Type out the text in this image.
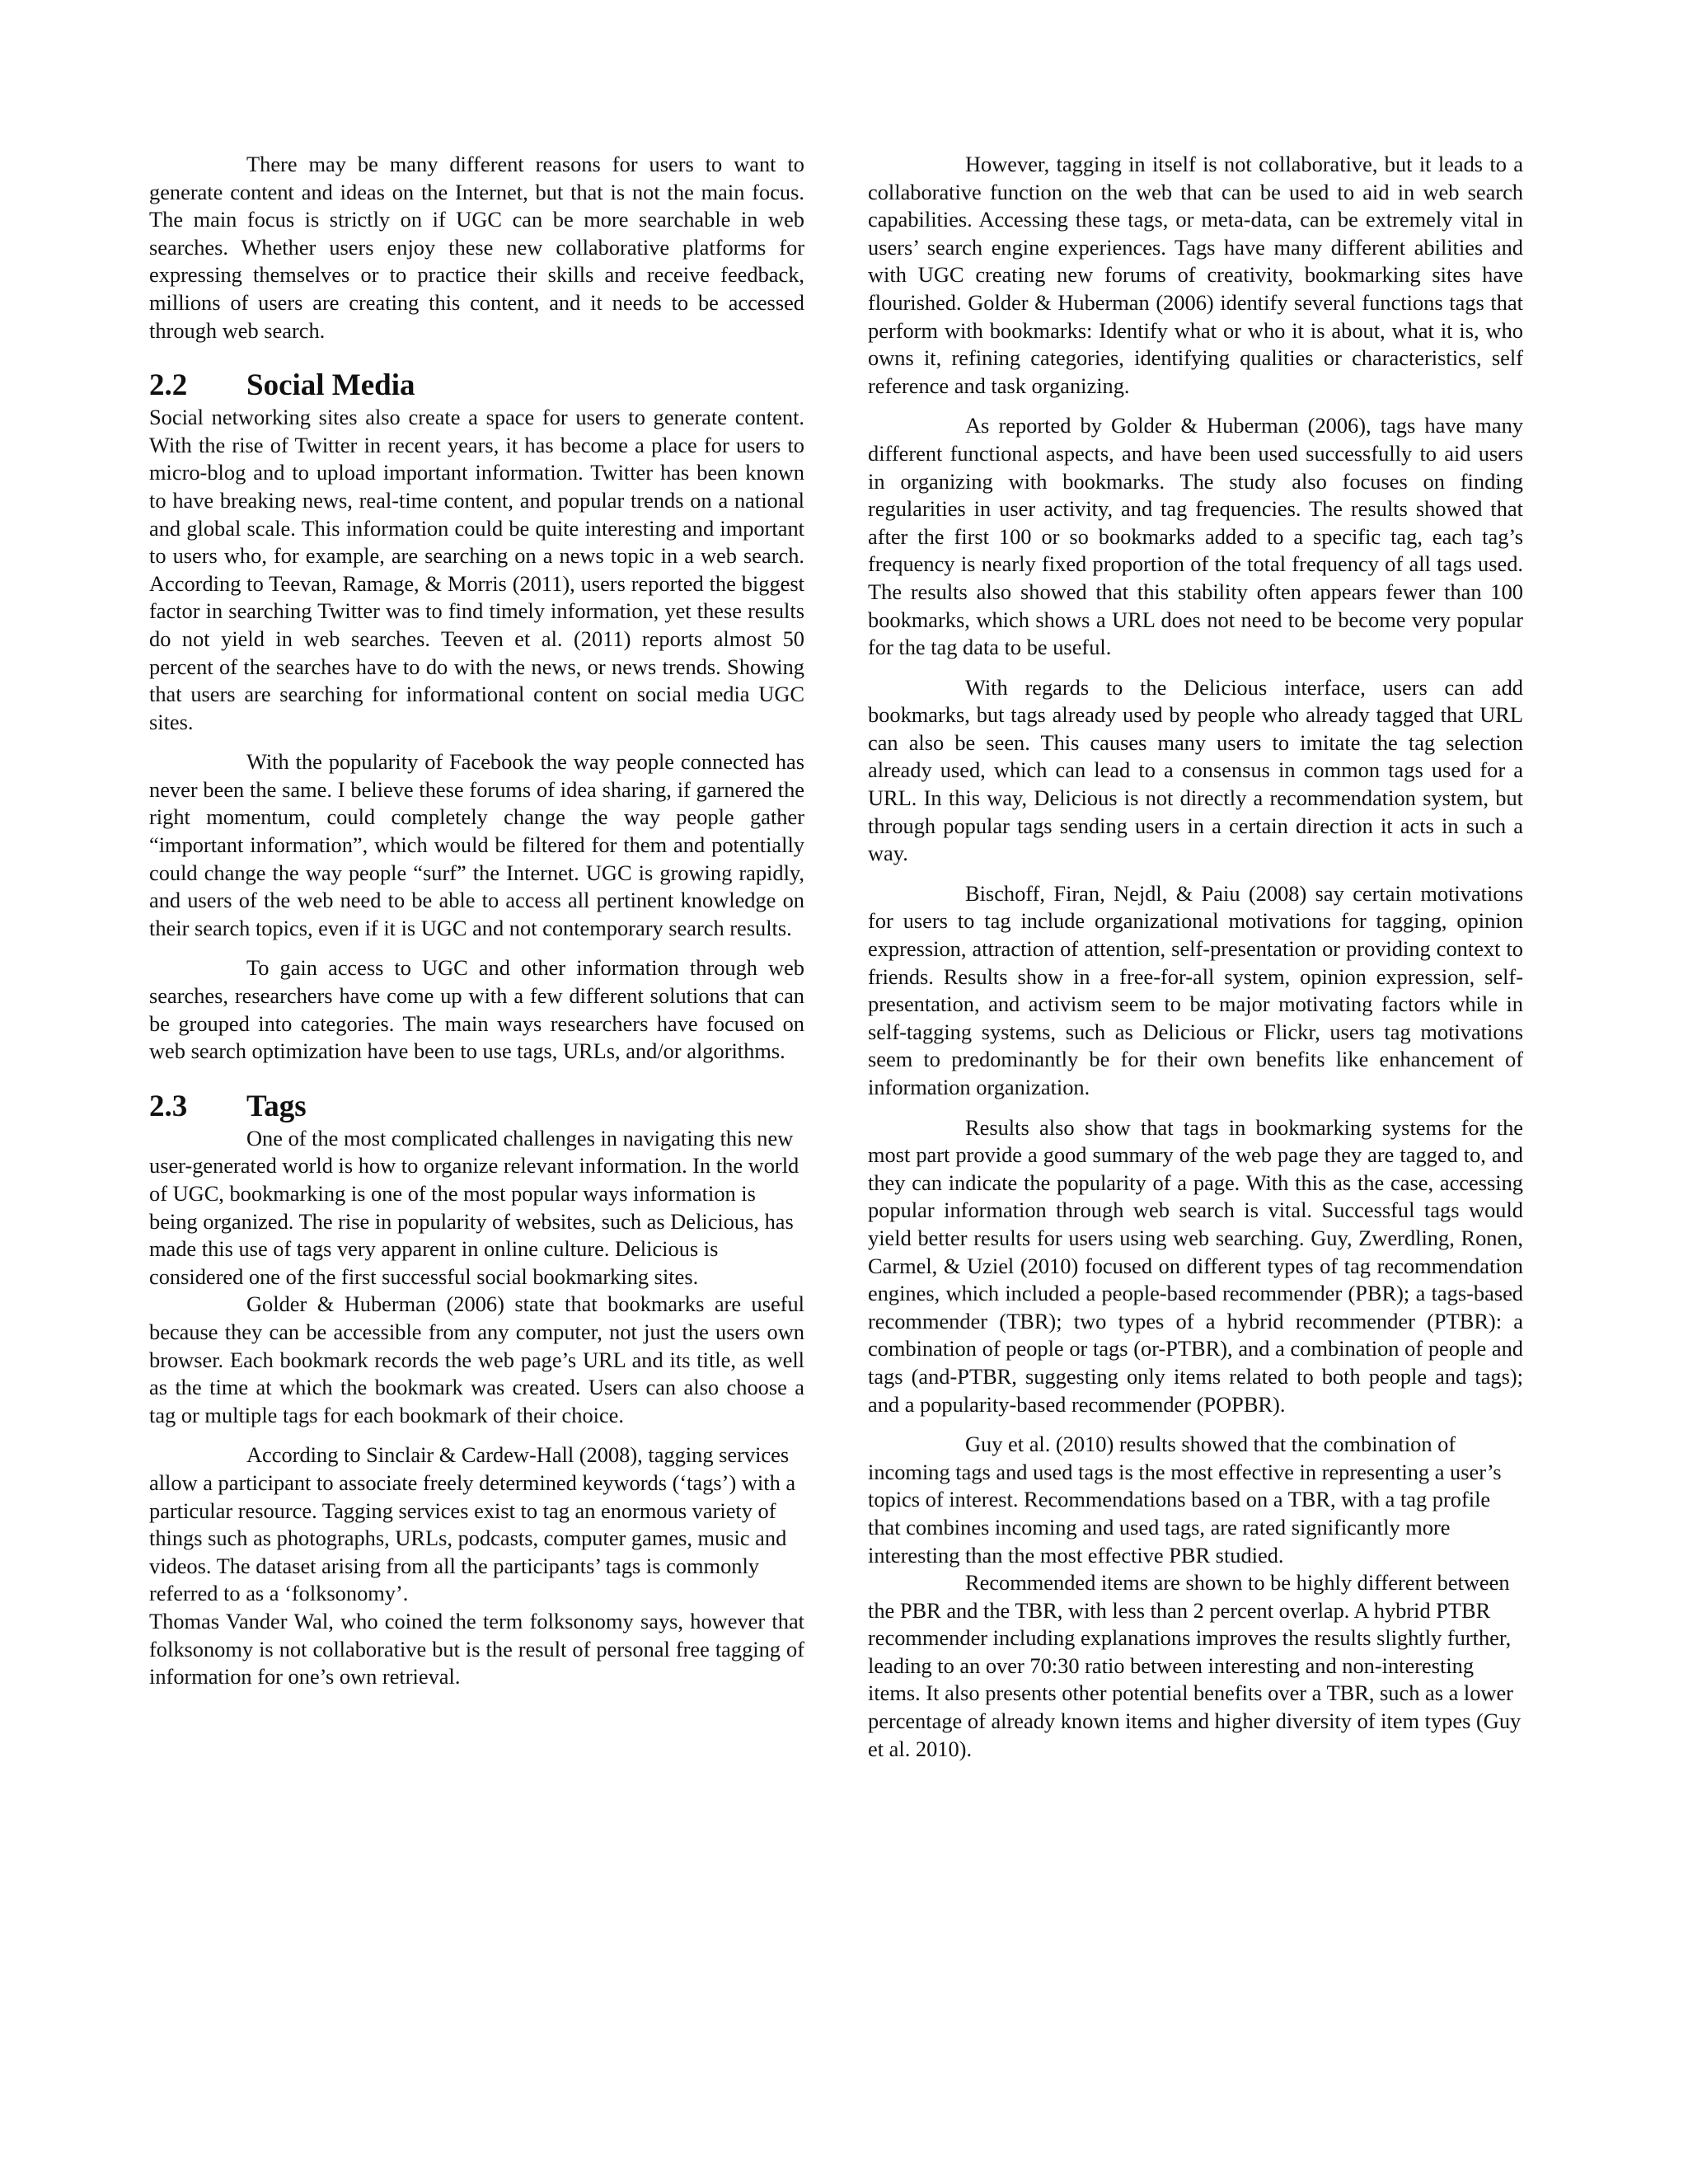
There may be many different reasons for users to want to generate content and ideas on the Internet, but that is not the main focus. The main focus is strictly on if UGC can be more searchable in web searches. Whether users enjoy these new collaborative platforms for expressing themselves or to practice their skills and receive feedback, millions of users are creating this content, and it needs to be accessed through web search.

2.2 Social Media

Social networking sites also create a space for users to generate content. With the rise of Twitter in recent years, it has become a place for users to micro-blog and to upload important information. Twitter has been known to have breaking news, real-time content, and popular trends on a national and global scale. This information could be quite interesting and important to users who, for example, are searching on a news topic in a web search. According to Teevan, Ramage, & Morris (2011), users reported the biggest factor in searching Twitter was to find timely information, yet these results do not yield in web searches. Teeven et al. (2011) reports almost 50 percent of the searches have to do with the news, or news trends. Showing that users are searching for informational content on social media UGC sites.

With the popularity of Facebook the way people connected has never been the same. I believe these forums of idea sharing, if garnered the right momentum, could completely change the way people gather “important information”, which would be filtered for them and potentially could change the way people “surf” the Internet. UGC is growing rapidly, and users of the web need to be able to access all pertinent knowledge on their search topics, even if it is UGC and not contemporary search results.

To gain access to UGC and other information through web searches, researchers have come up with a few different solutions that can be grouped into categories. The main ways researchers have focused on web search optimization have been to use tags, URLs, and/or algorithms.

2.3 Tags

One of the most complicated challenges in navigating this new user-generated world is how to organize relevant information. In the world of UGC, bookmarking is one of the most popular ways information is being organized. The rise in popularity of websites, such as Delicious, has made this use of tags very apparent in online culture. Delicious is considered one of the first successful social bookmarking sites.

Golder & Huberman (2006) state that bookmarks are useful because they can be accessible from any computer, not just the users own browser. Each bookmark records the web page’s URL and its title, as well as the time at which the bookmark was created. Users can also choose a tag or multiple tags for each bookmark of their choice.

According to Sinclair & Cardew-Hall (2008), tagging services allow a participant to associate freely determined keywords (‘tags’) with a particular resource. Tagging services exist to tag an enormous variety of things such as photographs, URLs, podcasts, computer games, music and videos. The dataset arising from all the participants’ tags is commonly referred to as a ‘folksonomy’.

Thomas Vander Wal, who coined the term folksonomy says, however that folksonomy is not collaborative but is the result of personal free tagging of information for one’s own retrieval.

However, tagging in itself is not collaborative, but it leads to a collaborative function on the web that can be used to aid in web search capabilities. Accessing these tags, or meta-data, can be extremely vital in users’ search engine experiences. Tags have many different abilities and with UGC creating new forums of creativity, bookmarking sites have flourished. Golder & Huberman (2006) identify several functions tags that perform with bookmarks: Identify what or who it is about, what it is, who owns it, refining categories, identifying qualities or characteristics, self reference and task organizing.

As reported by Golder & Huberman (2006), tags have many different functional aspects, and have been used successfully to aid users in organizing with bookmarks. The study also focuses on finding regularities in user activity, and tag frequencies. The results showed that after the first 100 or so bookmarks added to a specific tag, each tag’s frequency is nearly fixed proportion of the total frequency of all tags used. The results also showed that this stability often appears fewer than 100 bookmarks, which shows a URL does not need to be become very popular for the tag data to be useful.

With regards to the Delicious interface, users can add bookmarks, but tags already used by people who already tagged that URL can also be seen. This causes many users to imitate the tag selection already used, which can lead to a consensus in common tags used for a URL. In this way, Delicious is not directly a recommendation system, but through popular tags sending users in a certain direction it acts in such a way.

Bischoff, Firan, Nejdl, & Paiu (2008) say certain motivations for users to tag include organizational motivations for tagging, opinion expression, attraction of attention, self-presentation or providing context to friends. Results show in a free-for-all system, opinion expression, self-presentation, and activism seem to be major motivating factors while in self-tagging systems, such as Delicious or Flickr, users tag motivations seem to predominantly be for their own benefits like enhancement of information organization.

Results also show that tags in bookmarking systems for the most part provide a good summary of the web page they are tagged to, and they can indicate the popularity of a page. With this as the case, accessing popular information through web search is vital. Successful tags would yield better results for users using web searching. Guy, Zwerdling, Ronen, Carmel, & Uziel (2010) focused on different types of tag recommendation engines, which included a people-based recommender (PBR); a tags-based recommender (TBR); two types of a hybrid recommender (PTBR): a combination of people or tags (or-PTBR), and a combination of people and tags (and-PTBR, suggesting only items related to both people and tags); and a popularity-based recommender (POPBR).

Guy et al. (2010) results showed that the combination of incoming tags and used tags is the most effective in representing a user’s topics of interest. Recommendations based on a TBR, with a tag profile that combines incoming and used tags, are rated significantly more interesting than the most effective PBR studied.

Recommended items are shown to be highly different between the PBR and the TBR, with less than 2 percent overlap. A hybrid PTBR recommender including explanations improves the results slightly further, leading to an over 70:30 ratio between interesting and non-interesting items. It also presents other potential benefits over a TBR, such as a lower percentage of already known items and higher diversity of item types (Guy et al. 2010).
